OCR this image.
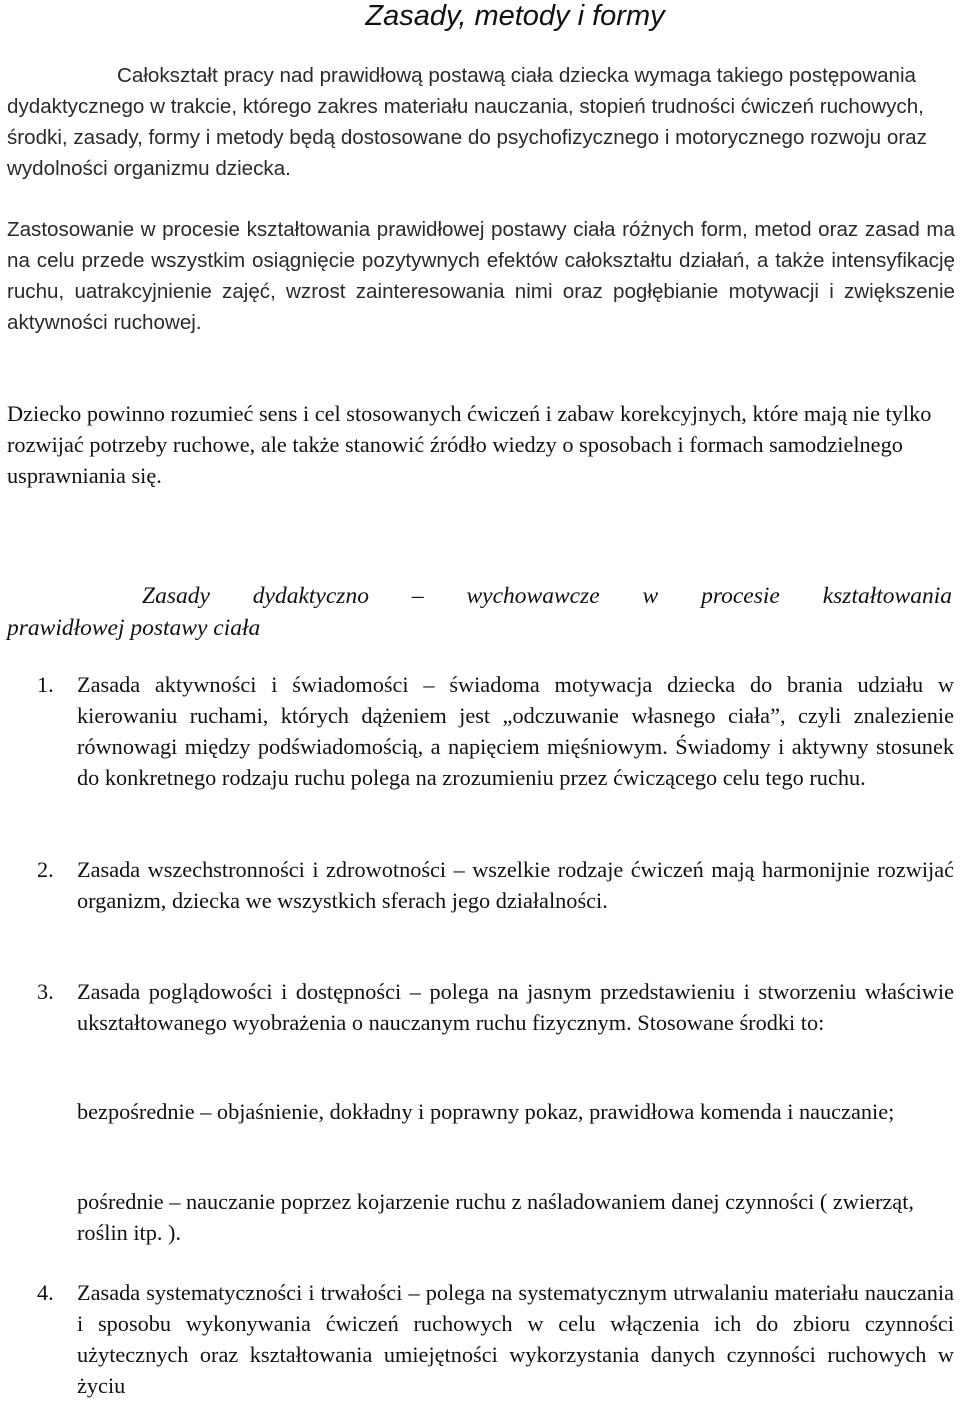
Zasady, metody i formy

Całokształt pracy nad prawidłową postawą ciała dziecka wymaga takiego postępowania dydaktycznego w trakcie, którego zakres materiału nauczania, stopień trudności ćwiczeń ruchowych, środki, zasady, formy i metody będą dostosowane do psychofizycznego i motorycznego rozwoju oraz wydolności organizmu dziecka.

Zastosowanie w procesie kształtowania prawidłowej postawy ciała różnych form, metod oraz zasad ma na celu przede wszystkim osiągnięcie pozytywnych efektów całokształtu działań, a także intensyfikację ruchu, uatrakcyjnienie zajęć, wzrost zainteresowania nimi oraz pogłębianie motywacji i zwiększenie aktywności ruchowej.

Dziecko powinno rozumieć sens i cel stosowanych ćwiczeń i zabaw korekcyjnych, które mają nie tylko rozwijać potrzeby ruchowe, ale także stanowić źródło wiedzy o sposobach i formach samodzielnego usprawniania się.

Zasady dydaktyczno – wychowawcze w procesie kształtowania
prawidłowej postawy ciała

1. Zasada aktywności i świadomości – świadoma motywacja dziecka do brania udziału w kierowaniu ruchami, których dążeniem jest „odczuwanie własnego ciała”, czyli znalezienie równowagi między podświadomością, a napięciem mięśniowym. Świadomy i aktywny stosunek do konkretnego rodzaju ruchu polega na zrozumieniu przez ćwiczącego celu tego ruchu.

2. Zasada wszechstronności i zdrowotności – wszelkie rodzaje ćwiczeń mają harmonijnie rozwijać organizm, dziecka we wszystkich sferach jego działalności.

3. Zasada poglądowości i dostępności – polega na jasnym przedstawieniu i stworzeniu właściwie ukształtowanego wyobrażenia o nauczanym ruchu fizycznym. Stosowane środki to:

bezpośrednie – objaśnienie, dokładny i poprawny pokaz, prawidłowa komenda i nauczanie;

pośrednie – nauczanie poprzez kojarzenie ruchu z naśladowaniem danej czynności ( zwierząt, roślin itp. ).

4. Zasada systematyczności i trwałości – polega na systematycznym utrwalaniu materiału nauczania i sposobu wykonywania ćwiczeń ruchowych w celu włączenia ich do zbioru czynności użytecznych oraz kształtowania umiejętności wykorzystania danych czynności ruchowych w życiu
